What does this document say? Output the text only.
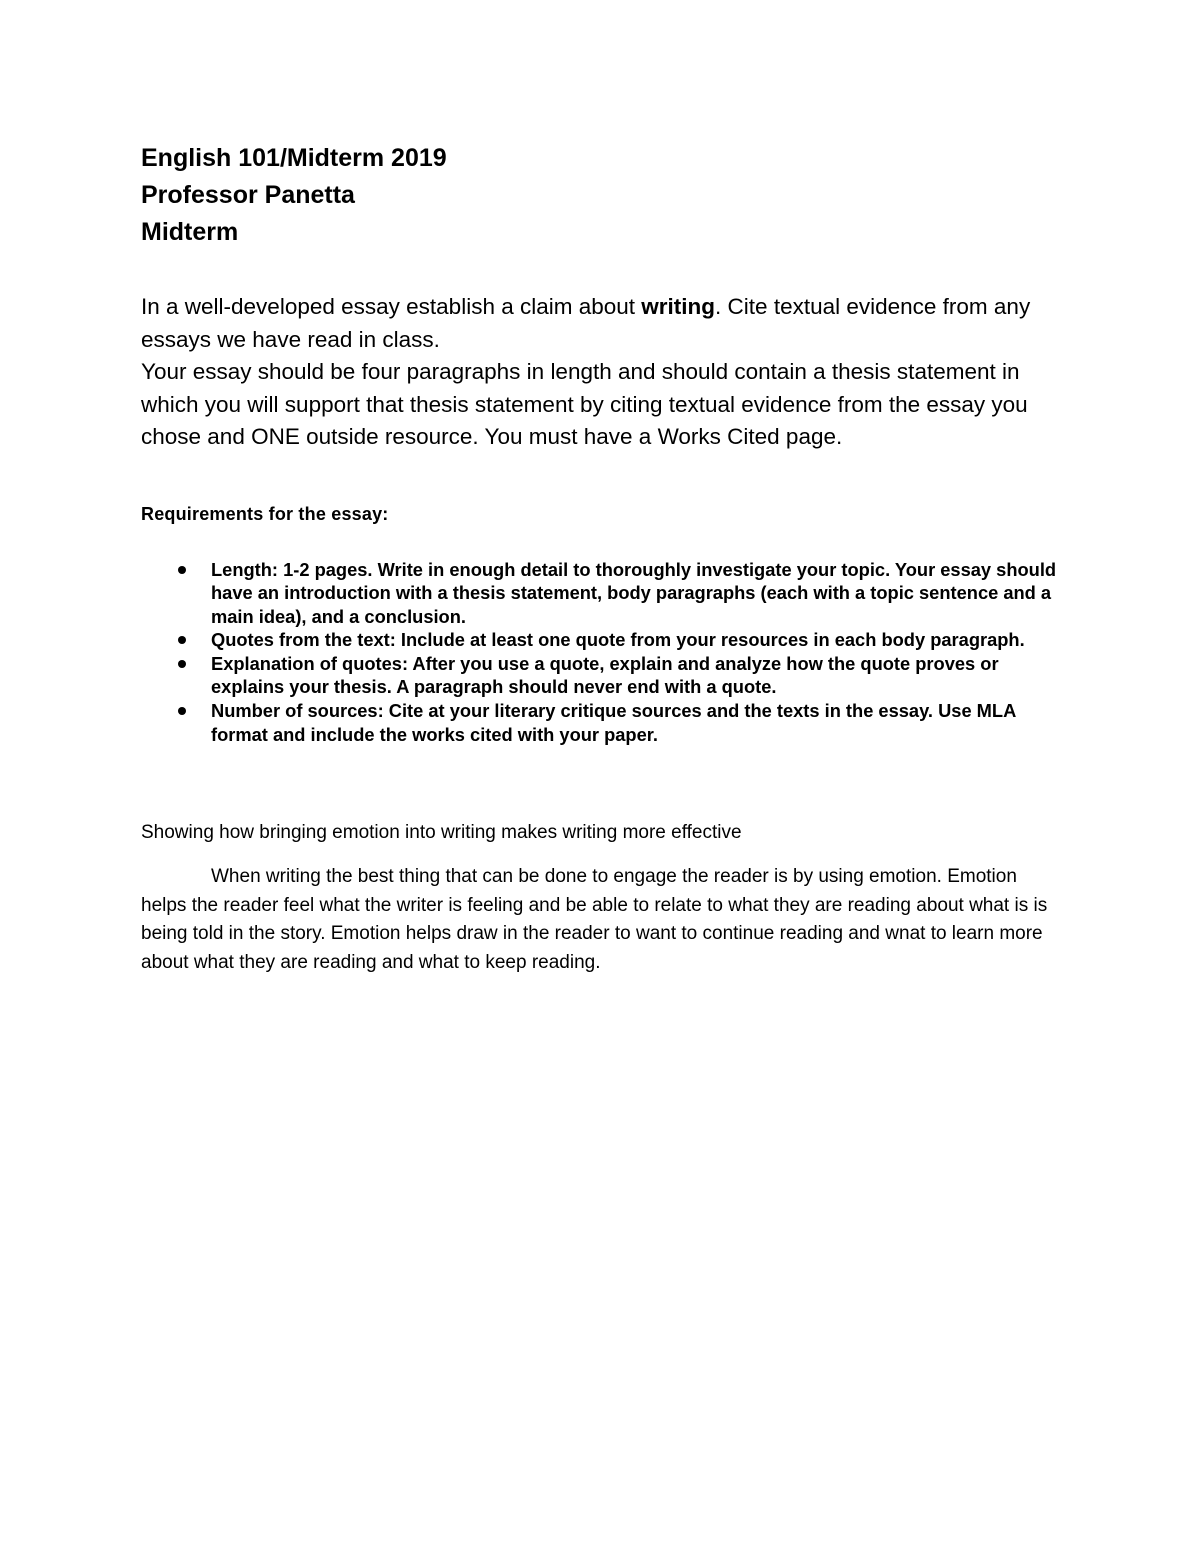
English 101/Midterm 2019

Professor Panetta

Midterm

In a well-developed essay establish a claim about writing. Cite textual evidence from any essays we have read in class.

Your essay should be four paragraphs in length and should contain a thesis statement in which you will support that thesis statement by citing textual evidence from the essay you chose and ONE outside resource. You must have a Works Cited page.

Requirements for the essay:
Length: 1-2 pages. Write in enough detail to thoroughly investigate your topic. Your essay should have an introduction with a thesis statement, body paragraphs (each with a topic sentence and a main idea), and a conclusion.
Quotes from the text: Include at least one quote from your resources in each body paragraph.
Explanation of quotes: After you use a quote, explain and analyze how the quote proves or explains your thesis. A paragraph should never end with a quote.
Number of sources: Cite at your literary critique sources and the texts in the essay. Use MLA format and include the works cited with your paper.
Showing how bringing emotion into writing makes writing more effective
When writing the best thing that can be done to engage the reader is by using emotion. Emotion helps the reader feel what the writer is feeling and be able to relate to what they are reading about what is is being told in the story. Emotion helps draw in the reader to want to continue reading and wnat to learn more about what they are reading and what to keep reading.
